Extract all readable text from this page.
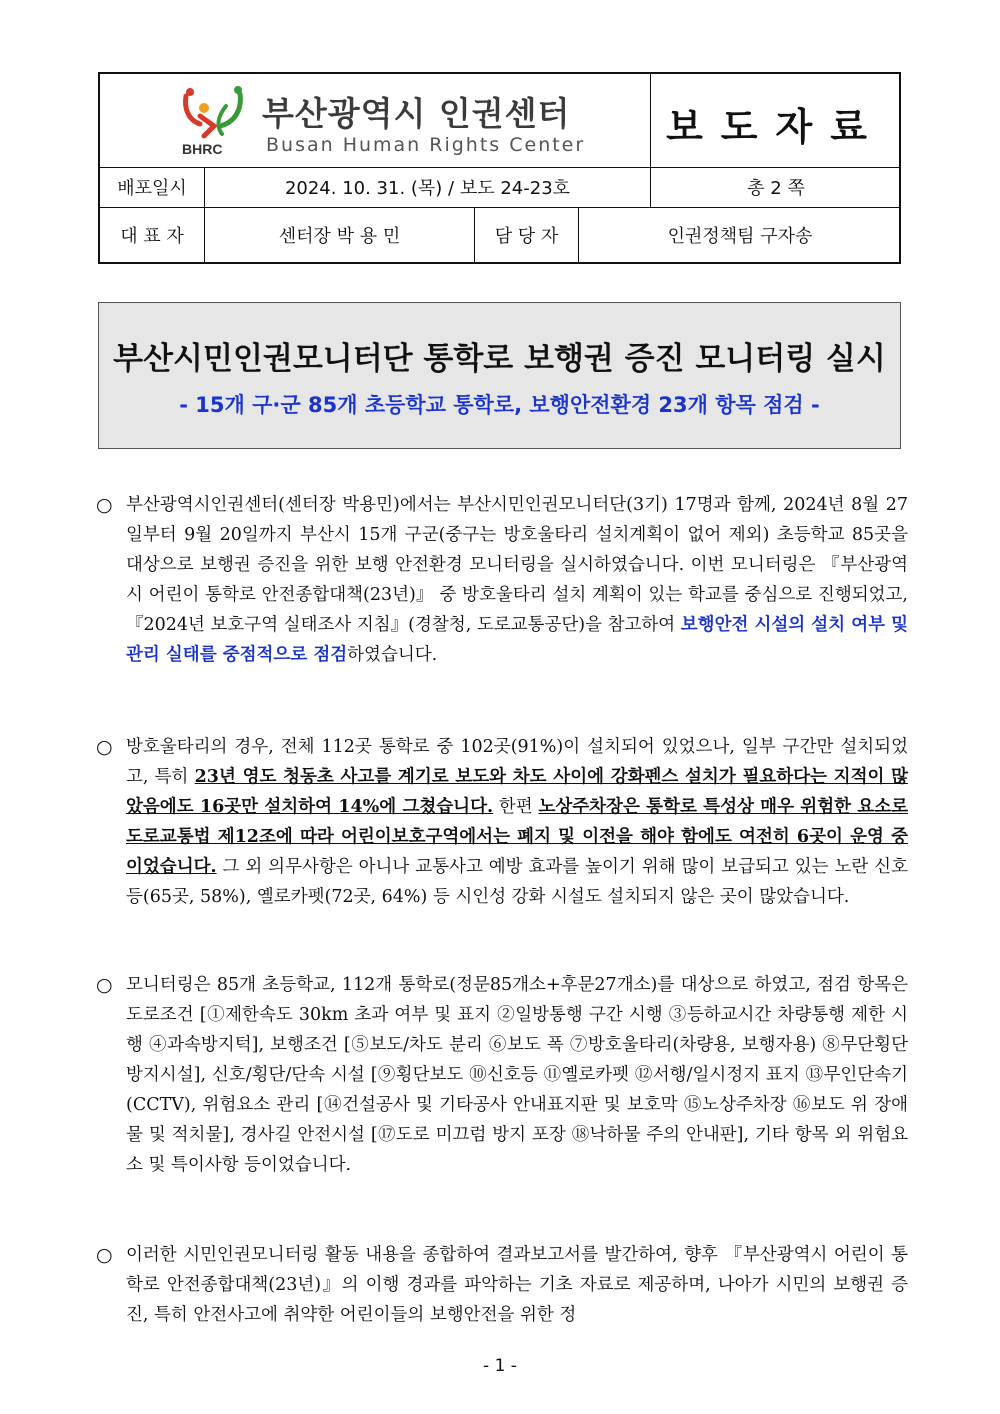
BHRC
부산광역시 인권센터
Busan Human Rights Center	보도자료
배포일시	2024. 10. 31. (목) / 보도 24-23호	총 2 쪽
대 표 자	센터장 박 용 민	담 당 자	인권정책팀 구자송
부산시민인권모니터단 통학로 보행권 증진 모니터링 실시
- 15개 구·군 85개 초등학교 통학로, 보행안전환경 23개 항목 점검 -
○ 부산광역시인권센터(센터장 박용민)에서는 부산시민인권모니터단(3기) 17명과 함께, 2024년 8월 27일부터 9월 20일까지 부산시 15개 구군(중구는 방호울타리 설치계획이 없어 제외) 초등학교 85곳을 대상으로 보행권 증진을 위한 보행 안전환경 모니터링을 실시하였습니다. 이번 모니터링은 『부산광역시 어린이 통학로 안전종합대책(23년)』 중 방호울타리 설치 계획이 있는 학교를 중심으로 진행되었고, 『2024년 보호구역 실태조사 지침』(경찰청, 도로교통공단)을 참고하여 보행안전 시설의 설치 여부 및 관리 실태를 중점적으로 점검하였습니다.
○ 방호울타리의 경우, 전체 112곳 통학로 중 102곳(91%)이 설치되어 있었으나, 일부 구간만 설치되었고, 특히 23년 영도 청동초 사고를 계기로 보도와 차도 사이에 강화펜스 설치가 필요하다는 지적이 많았음에도 16곳만 설치하여 14%에 그쳤습니다. 한편 노상주차장은 통학로 특성상 매우 위험한 요소로 도로교통법 제12조에 따라 어린이보호구역에서는 폐지 및 이전을 해야 함에도 여전히 6곳이 운영 중이었습니다. 그 외 의무사항은 아니나 교통사고 예방 효과를 높이기 위해 많이 보급되고 있는 노란 신호등(65곳, 58%), 옐로카펫(72곳, 64%) 등 시인성 강화 시설도 설치되지 않은 곳이 많았습니다.
○ 모니터링은 85개 초등학교, 112개 통학로(정문85개소+후문27개소)를 대상으로 하였고, 점검 항목은 도로조건 [①제한속도 30km 초과 여부 및 표지 ②일방통행 구간 시행 ③등하교시간 차량통행 제한 시행 ④과속방지턱], 보행조건 [⑤보도/차도 분리 ⑥보도 폭 ⑦방호울타리(차량용, 보행자용) ⑧무단횡단 방지시설], 신호/횡단/단속 시설 [⑨횡단보도 ⑩신호등 ⑪옐로카펫 ⑫서행/일시정지 표지 ⑬무인단속기(CCTV), 위험요소 관리 [⑭건설공사 및 기타공사 안내표지판 및 보호막 ⑮노상주차장 ⑯보도 위 장애물 및 적치물], 경사길 안전시설 [⑰도로 미끄럼 방지 포장 ⑱낙하물 주의 안내판], 기타 항목 외 위험요소 및 특이사항 등이었습니다.
○ 이러한 시민인권모니터링 활동 내용을 종합하여 결과보고서를 발간하여, 향후 『부산광역시 어린이 통학로 안전종합대책(23년)』의 이행 경과를 파악하는 기초 자료로 제공하며, 나아가 시민의 보행권 증진, 특히 안전사고에 취약한 어린이들의 보행안전을 위한 정
- 1 -
